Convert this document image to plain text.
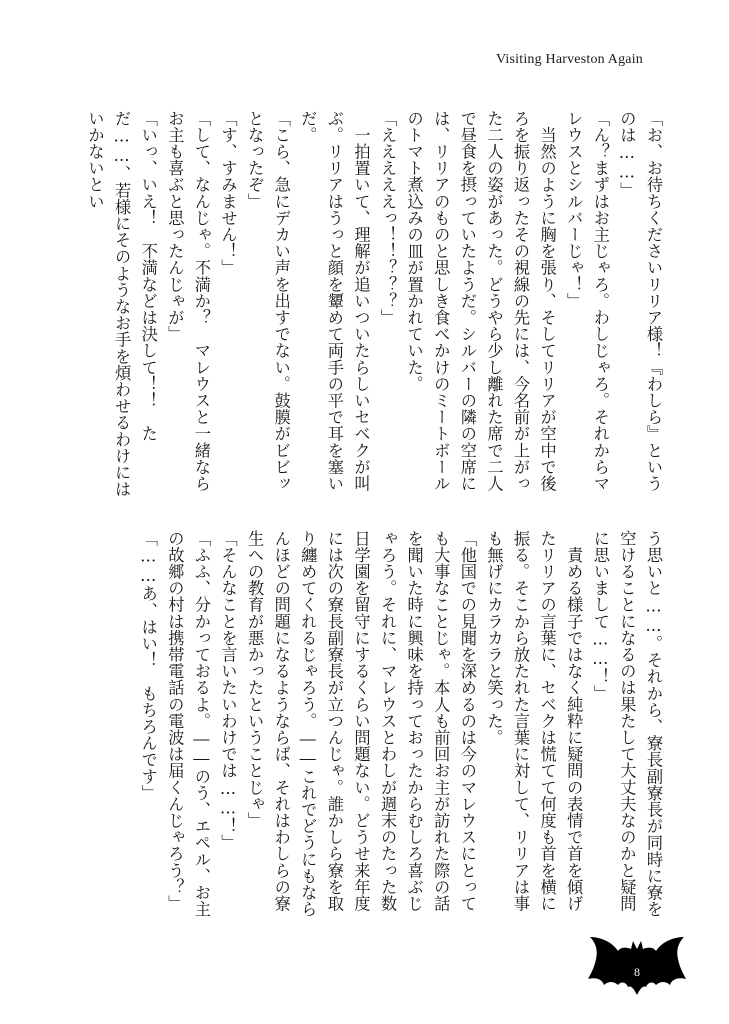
Visiting Harveston Again

「お、お待ちくださいリリア様！『わしら』というのは……」

「ん？まずはお主じゃろ。わしじゃろ。それからマレウスとシルバーじゃ！」

　当然のように胸を張り、そしてリリアが空中で後ろを振り返ったその視線の先には、今名前が上がった二人の姿があった。どうやら少し離れた席で二人で昼食を摂っていたようだ。シルバーの隣の空席には、リリアのものと思しき食べかけのミートボールのトマト煮込みの皿が置かれていた。

「えええええっ！！？？？」

　一拍置いて、理解が追いついたらしいセベクが叫ぶ。リリアはうっと顔を顰めて両手の平で耳を塞いだ。

「こら、急にデカい声を出すでない。鼓膜がビビッとなったぞ」

「す、すみません！」

「して、なんじゃ。不満か？　マレウスと一緒ならお主も喜ぶと思ったんじゃが」

「いっ、いえ！　不満などは決して！！　ただ……、若様にそのようなお手を煩わせるわけにはいかないとい

う思いと……。それから、寮長副寮長が同時に寮を空けることになるのは果たして大丈夫なのかと疑問に思いまして……！」

　責める様子ではなく純粋に疑問の表情で首を傾げたリリアの言葉に、セベクは慌てて何度も首を横に振る。そこから放たれた言葉に対して、リリアは事も無げにカラカラと笑った。

「他国での見聞を深めるのは今のマレウスにとっても大事なことじゃ。本人も前回お主が訪れた際の話を聞いた時に興味を持っておったからむしろ喜ぶじゃろう。それに、マレウスとわしが週末のたった数日学園を留守にするくらい問題ない。どうせ来年度には次の寮長副寮長が立つんじゃ。誰かしら寮を取り纏めてくれるじゃろう。――これでどうにもならんほどの問題になるようならば、それはわしらの寮生への教育が悪かったということじゃ」

「そんなことを言いたいわけでは……！」

「ふふ、分かっておるよ。――のう、エペル、お主の故郷の村は携帯電話の電波は届くんじゃろう？」

「……あ、はい！　もちろんです」

8
